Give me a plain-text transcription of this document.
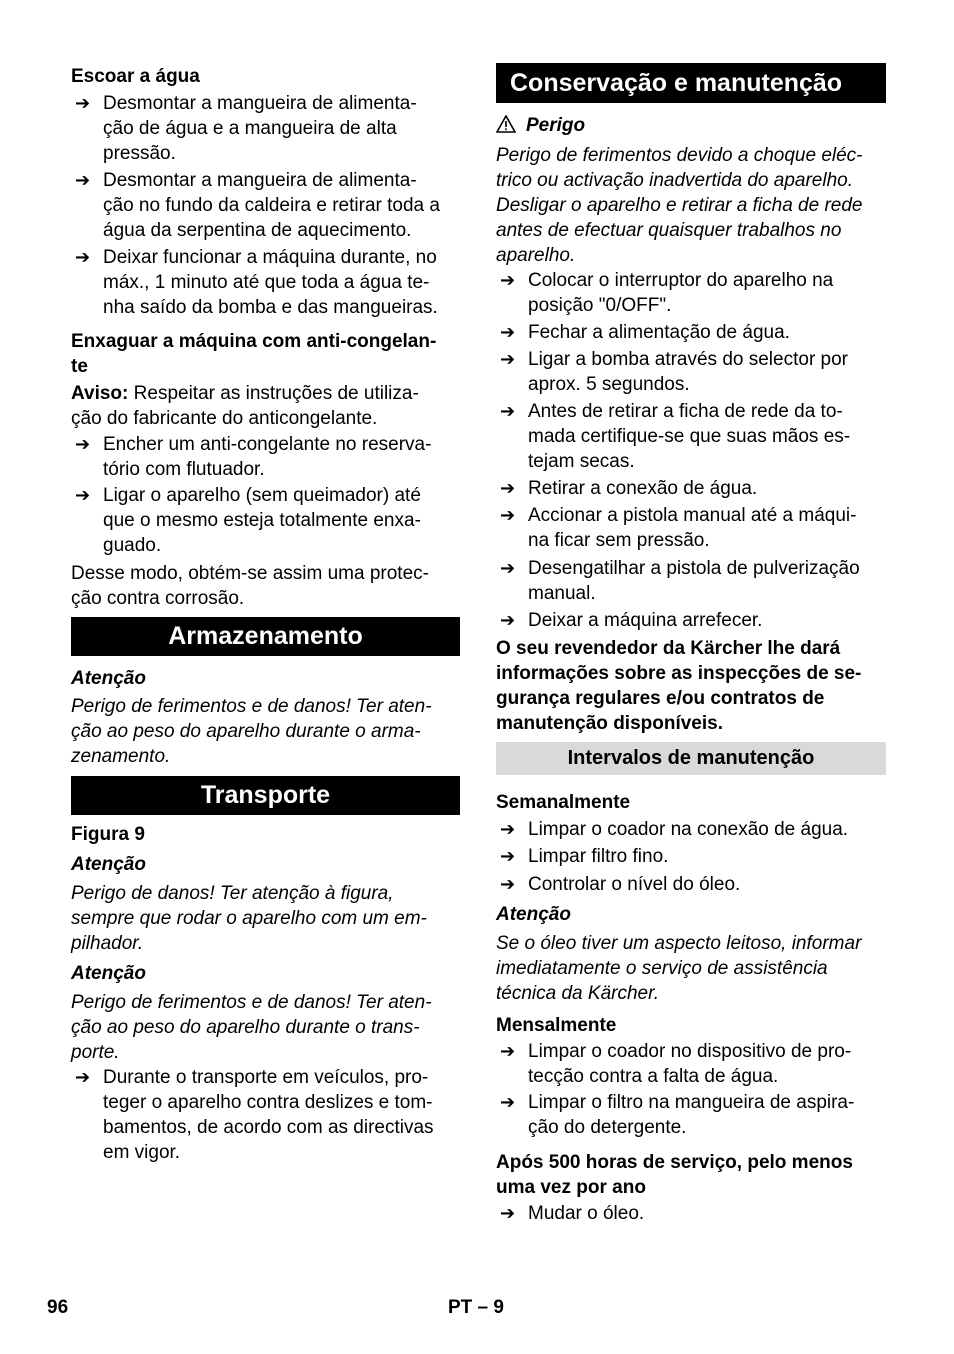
Escoar a água
➔ Desmontar a mangueira de alimenta-
ção de água e a mangueira de alta
pressão.
➔ Desmontar a mangueira de alimenta-
ção no fundo da caldeira e retirar toda a
água da serpentina de aquecimento.
➔ Deixar funcionar a máquina durante, no
máx., 1 minuto até que toda a água te-
nha saído da bomba e das mangueiras.
Enxaguar a máquina com anti-congelan-
te
Aviso: Respeitar as instruções de utiliza-
ção do fabricante do anticongelante.
➔ Encher um anti-congelante no reserva-
tório com flutuador.
➔ Ligar o aparelho (sem queimador) até
que o mesmo esteja totalmente enxa-
guado.
Desse modo, obtém-se assim uma protec-
ção contra corrosão.
Armazenamento
Atenção
Perigo de ferimentos e de danos! Ter aten-
ção ao peso do aparelho durante o arma-
zenamento.
Transporte
Figura 9
Atenção
Perigo de danos! Ter atenção à figura,
sempre que rodar o aparelho com um em-
pilhador.
Atenção
Perigo de ferimentos e de danos! Ter aten-
ção ao peso do aparelho durante o trans-
porte.
➔ Durante o transporte em veículos, pro-
teger o aparelho contra deslizes e tom-
bamentos, de acordo com as directivas
em vigor.
Conservação e manutenção
Perigo
Perigo de ferimentos devido a choque eléc-
trico ou activação inadvertida do aparelho.
Desligar o aparelho e retirar a ficha de rede
antes de efectuar quaisquer trabalhos no
aparelho.
➔ Colocar o interruptor do aparelho na
posição "0/OFF".
➔ Fechar a alimentação de água.
➔ Ligar a bomba através do selector por
aprox. 5 segundos.
➔ Antes de retirar a ficha de rede da to-
mada certifique-se que suas mãos es-
tejam secas.
➔ Retirar a conexão de água.
➔ Accionar a pistola manual até a máqui-
na ficar sem pressão.
➔ Desengatilhar a pistola de pulverização
manual.
➔ Deixar a máquina arrefecer.
O seu revendedor da Kärcher lhe dará
informações sobre as inspecções de se-
gurança regulares e/ou contratos de
manutenção disponíveis.
Intervalos de manutenção
Semanalmente
➔ Limpar o coador na conexão de água.
➔ Limpar filtro fino.
➔ Controlar o nível do óleo.
Atenção
Se o óleo tiver um aspecto leitoso, informar
imediatamente o serviço de assistência
técnica da Kärcher.
Mensalmente
➔ Limpar o coador no dispositivo de pro-
tecção contra a falta de água.
➔ Limpar o filtro na mangueira de aspira-
ção do detergente.
Após 500 horas de serviço, pelo menos
uma vez por ano
➔ Mudar o óleo.
96	PT – 9
